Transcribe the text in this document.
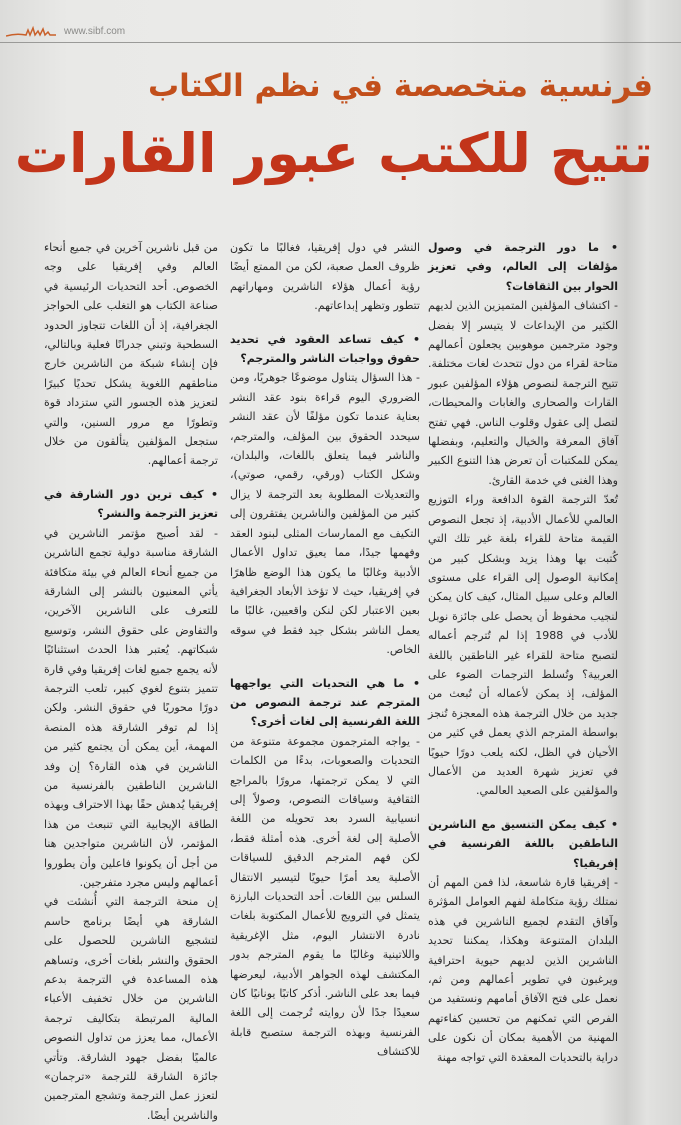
www.sibf.com
فرنسية متخصصة في نظم الكتاب
تتيح للكتب عبور القارات

• ما دور الترجمة في وصول مؤلفات إلى العالم، وفي تعزيز الحوار بين الثقافات؟

- اكتشاف المؤلفين المتميزين الذين لديهم الكثير من الإبداعات لا يتيسر إلا بفضل وجود مترجمين موهوبين يجعلون أعمالهم متاحة لقراء من دول تتحدث لغات مختلفة. تتيح الترجمة لنصوص هؤلاء المؤلفين عبور القارات والصحارى والغابات والمحيطات، لتصل إلى عقول وقلوب الناس. فهي تفتح آفاق المعرفة والخيال والتعليم، وبفضلها يمكن للمكتبات أن تعرض هذا التنوع الكبير وهذا الغنى في خدمة القارئ.

تُعدّ الترجمة القوة الدافعة وراء التوزيع العالمي للأعمال الأدبية، إذ تجعل النصوص القيمة متاحة للقراء بلغة غير تلك التي كُتبت بها وهذا يزيد وبشكل كبير من إمكانية الوصول إلى القراء على مستوى العالم وعلى سبيل المثال، كيف كان يمكن لنجيب محفوظ أن يحصل على جائزة نوبل للأدب في 1988 إذا لم تُترجم أعماله لتصبح متاحة للقراء غير الناطقين باللغة العربية؟ وتُسلط الترجمات الضوء على المؤلف، إذ يمكن لأعماله أن تُبعث من جديد من خلال الترجمة هذه المعجزة تُنجز بواسطة المترجم الذي يعمل في كثير من الأحيان في الظل، لكنه يلعب دورًا حيويًا في تعزيز شهرة العديد من الأعمال والمؤلفين على الصعيد العالمي.

• كيف يمكن التنسيق مع الناشرين الناطقين باللغة الفرنسية في إفريقيا؟

- إفريقيا قارة شاسعة، لذا فمن المهم أن نمتلك رؤية متكاملة لفهم العوامل المؤثرة وآفاق التقدم لجميع الناشرين في هذه البلدان المتنوعة وهكذا، يمكننا تحديد الناشرين الذين لديهم حيوية احترافية ويرغبون في تطوير أعمالهم ومن ثم، نعمل على فتح الآفاق أمامهم ونستفيد من الفرص التي تمكنهم من تحسين كفاءتهم المهنية من الأهمية بمكان أن نكون على دراية بالتحديات المعقدة التي تواجه مهنة

النشر في دول إفريقيا، فغالبًا ما تكون ظروف العمل صعبة، لكن من الممتع أيضًا رؤية أعمال هؤلاء الناشرين ومهاراتهم تتطور وتظهر إبداعاتهم.

• كيف تساعد العقود في تحديد حقوق وواجبات الناشر والمترجم؟

- هذا السؤال يتناول موضوعًا جوهريًا، ومن الضروري اليوم قراءة بنود عقد النشر بعناية عندما تكون مؤلفًا لأن عقد النشر سيحدد الحقوق بين المؤلف، والمترجم، والناشر فيما يتعلق باللغات، والبلدان، وشكل الكتاب (ورقي، رقمي، صوتي)، والتعديلات المطلوبة بعد الترجمة لا يزال كثير من المؤلفين والناشرين يفتقرون إلى التكيف مع الممارسات المثلى لبنود العقد وفهمها جيدًا، مما يعيق تداول الأعمال الأدبية وغالبًا ما يكون هذا الوضع ظاهرًا في إفريقيا، حيث لا تؤخذ الأبعاد الجغرافية بعين الاعتبار لكن لنكن واقعيين، غالبًا ما يعمل الناشر بشكل جيد فقط في سوقه الخاص.

• ما هي التحديات التي يواجهها المترجم عند ترجمة النصوص من اللغة الفرنسية إلى لغات أخرى؟

- يواجه المترجمون مجموعة متنوعة من التحديات والصعوبات، بدءًا من الكلمات التي لا يمكن ترجمتها، مرورًا بالمراجع الثقافية وسياقات النصوص، وصولاً إلى انسيابية السرد بعد تحويله من اللغة الأصلية إلى لغة أخرى. هذه أمثلة فقط، لكن فهم المترجم الدقيق للسياقات الأصلية يعد أمرًا حيويًا لتيسير الانتقال السلس بين اللغات. أحد التحديات البارزة يتمثل في الترويج للأعمال المكتوبة بلغات نادرة الانتشار اليوم، مثل الإغريقية واللاتينية وغالبًا ما يقوم المترجم بدور المكتشف لهذه الجواهر الأدبية، ليعرضها فيما بعد على الناشر. أذكر كاتبًا يونانيًا كان سعيدًا جدًا لأن روايته تُرجمت إلى اللغة الفرنسية وبهذه الترجمة ستصبح قابلة للاكتشاف

من قبل ناشرين آخرين في جميع أنحاء العالم وفي إفريقيا على وجه الخصوص. أحد التحديات الرئيسية في صناعة الكتاب هو التغلب على الحواجز الجغرافية، إذ أن اللغات تتجاوز الحدود السطحية وتبني جدرانًا فعلية وبالتالي، فإن إنشاء شبكة من الناشرين خارج مناطقهم اللغوية يشكل تحديًا كبيرًا لتعزيز هذه الجسور التي ستزداد قوة وتطورًا مع مرور السنين، والتي ستجعل المؤلفين يتألقون من خلال ترجمة أعمالهم.

• كيف ترين دور الشارقة في تعزيز الترجمة والنشر؟

- لقد أصبح مؤتمر الناشرين في الشارقة مناسبة دولية تجمع الناشرين من جميع أنحاء العالم في بيئة متكافئة يأتي المعنيون بالنشر إلى الشارقة للتعرف على الناشرين الآخرين، والتفاوض على حقوق النشر، وتوسيع شبكاتهم. يُعتبر هذا الحدث استثنائيًا لأنه يجمع جميع لغات إفريقيا وفي قارة تتميز بتنوع لغوي كبير، تلعب الترجمة دورًا محوريًا في حقوق النشر. ولكن إذا لم توفر الشارقة هذه المنصة المهمة، أين يمكن أن يجتمع كثير من الناشرين في هذه القارة؟ إن وفد الناشرين الناطقين بالفرنسية من إفريقيا يُدهش حقًا بهذا الاحتراف وبهذه الطاقة الإيجابية التي تنبعث من هذا المؤتمر، لأن الناشرين متواجدين هنا من أجل أن يكونوا فاعلين وأن يطوروا أعمالهم وليس مجرد متفرجين.

إن منحة الترجمة التي أُنشئت في الشارقة هي أيضًا برنامج حاسم لتشجيع الناشرين للحصول على الحقوق والنشر بلغات أخرى، وتساهم هذه المساعدة في الترجمة بدعم الناشرين من خلال تخفيف الأعباء المالية المرتبطة بتكاليف ترجمة الأعمال، مما يعزز من تداول النصوص عالميًا بفضل جهود الشارقة. وتأتي جائزة الشارقة للترجمة «ترجمان» لتعزز عمل الترجمة وتشجع المترجمين والناشرين أيضًا.
